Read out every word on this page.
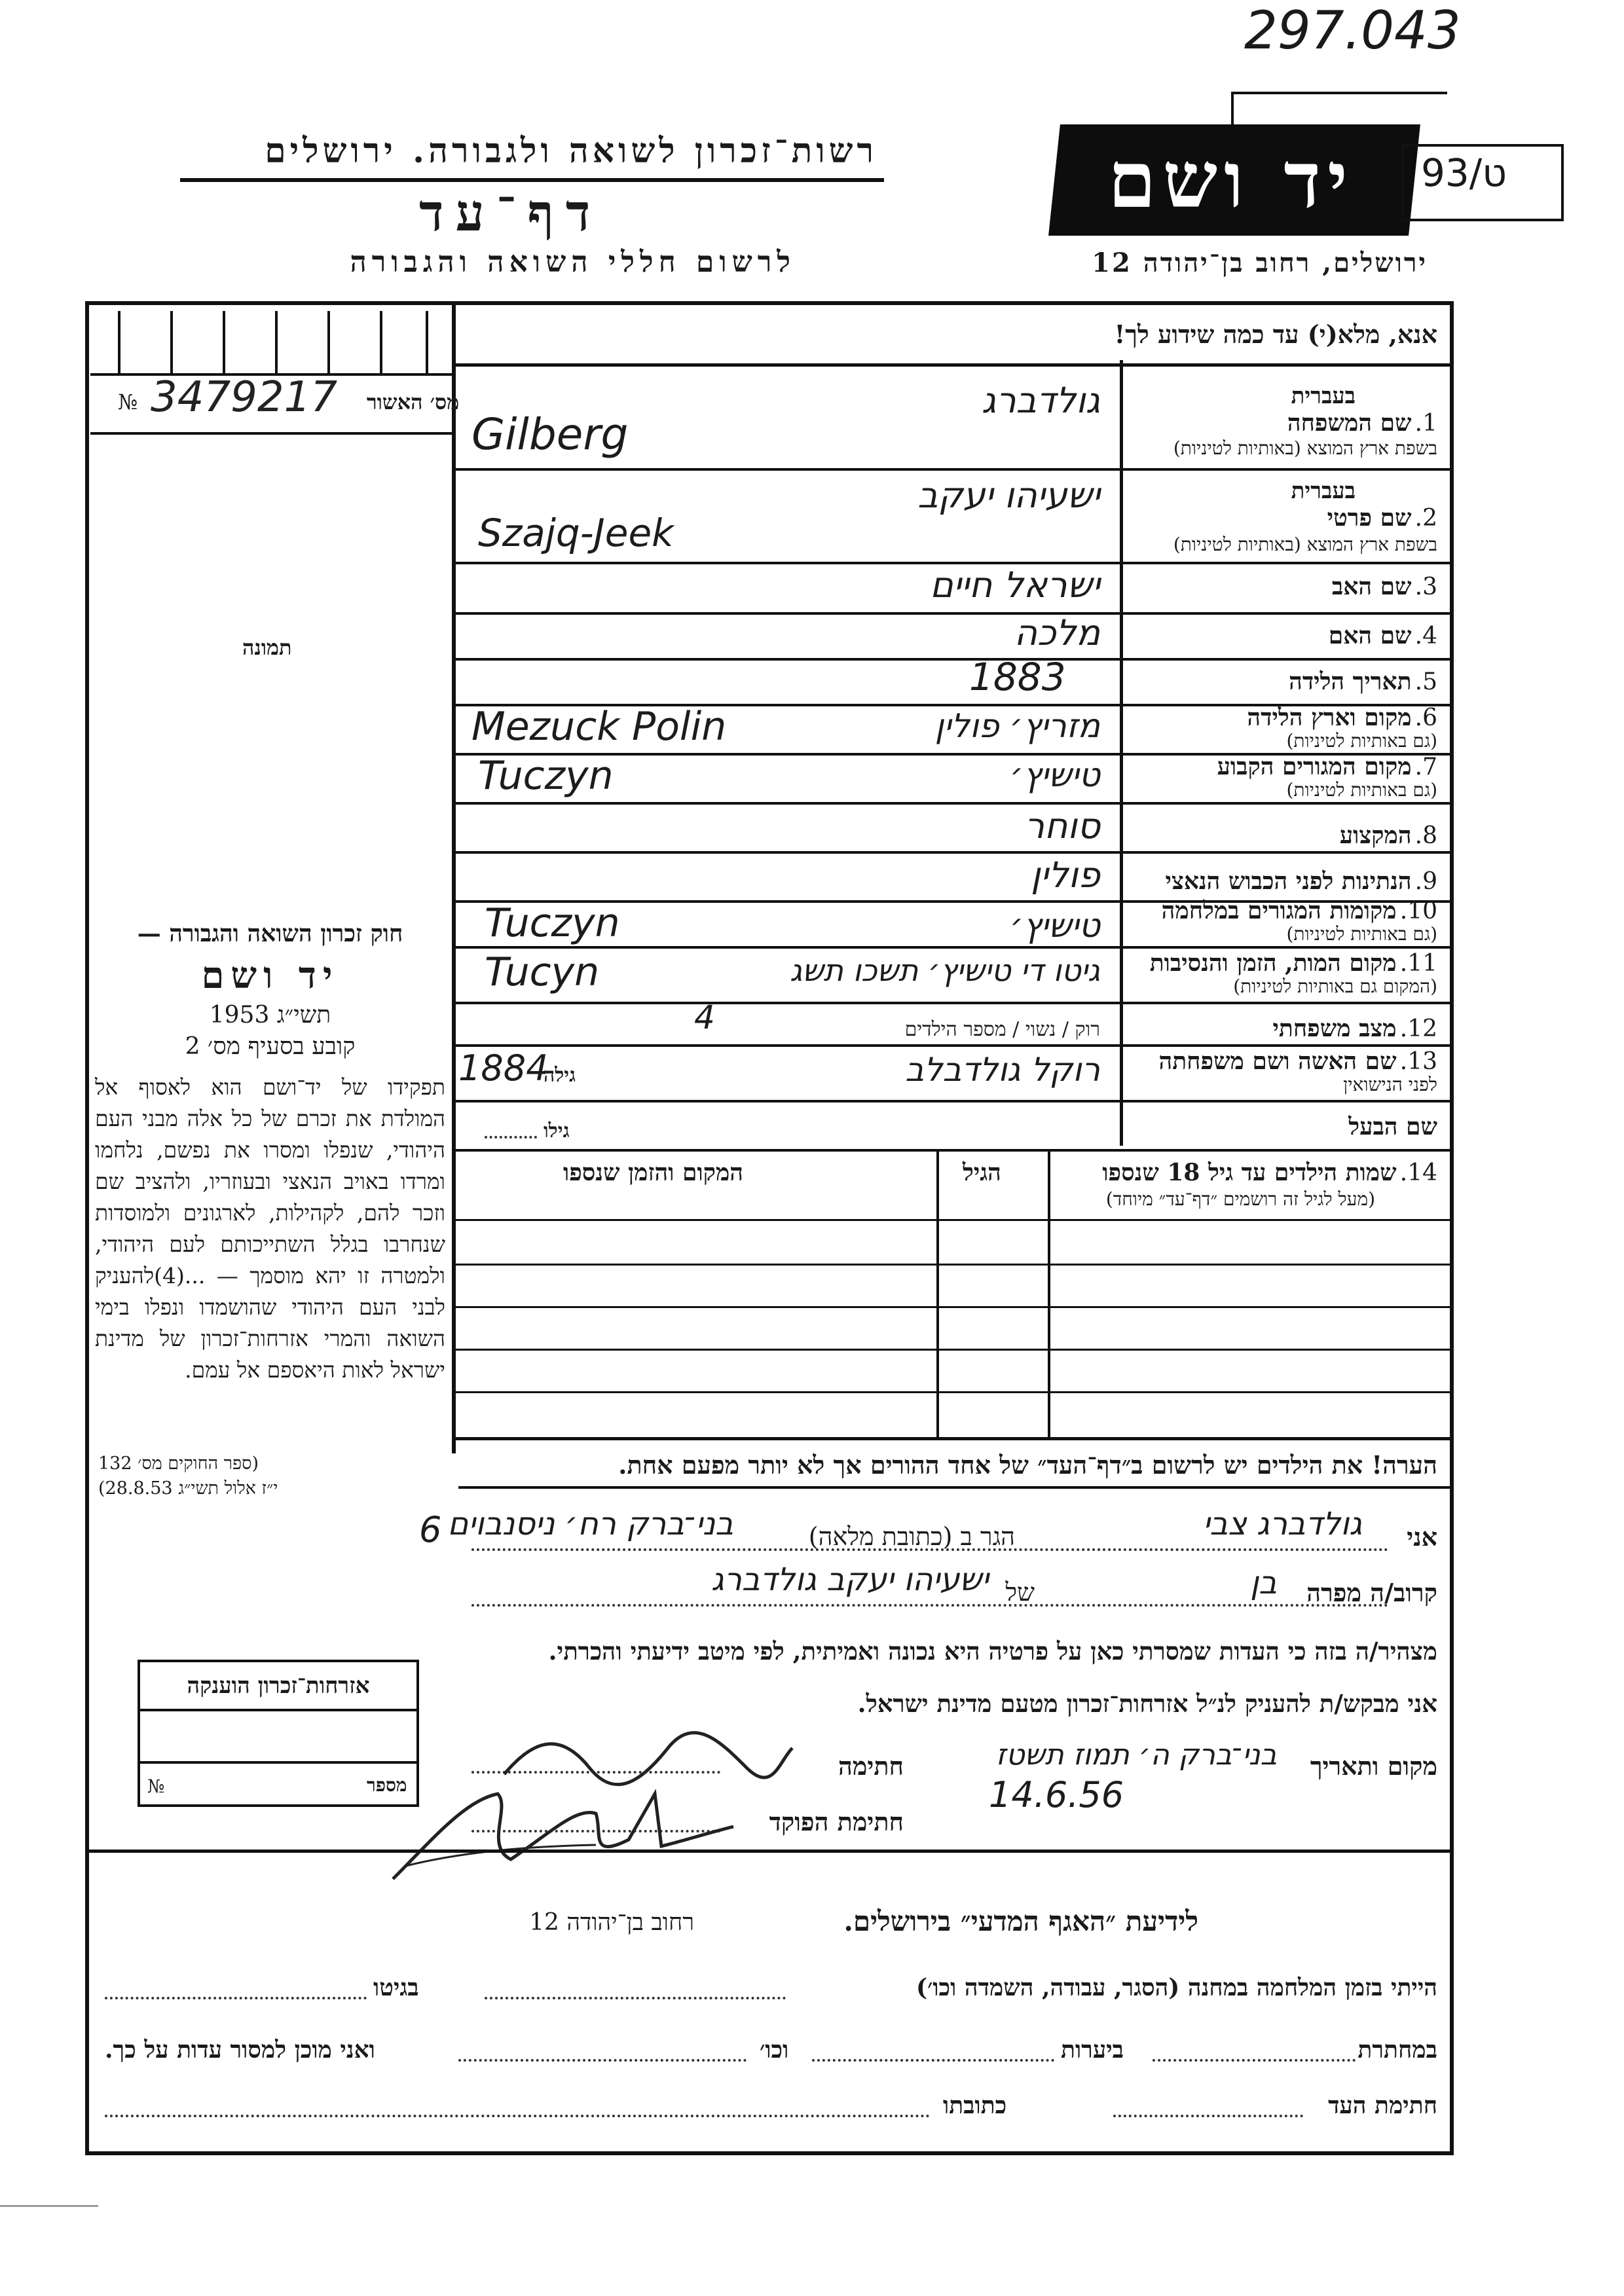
297.043
רשות־זכרון לשואה ולגבורה. ירושלים
דף־עד
לרשום חללי השואה והגבורה
יד ושם	93/ט
ירושלים, רחוב בן־יהודה 12
אנא, מלא(י) עד כמה שידוע לך!
מס׳ האשור
№ 3479217
תמונה
חוק זכרון השואה והגבורה —
יד ושם
תשי״ג 1953
קובע בסעיף מס׳ 2
תפקידו של יד־ושם הוא לאסוף אל המולדת את זכרם של כל אלה מבני העם היהודי, שנפלו ומסרו את נפשם, נלחמו ומרדו באויב הנאצי ובעוזריו, ולהציב שם וזכר להם, לקהילות, לארגונים ולמוסדות שנחרבו בגלל השתייכותם לעם היהודי, ולמטרה זו יהא מוסמך — ...(4)להעניק לבני העם היהודי שהושמדו ונפלו בימי השואה והמרי אזרחות־זכרון של מדינת ישראל לאות היאספם אל עמם.
(ספר החוקים מס׳ 132
י״ז אלול תשי״ג 28.8.53)
בעברית
1. שם המשפחה
בשפת ארץ המוצא (באותיות לטיניות)
גולדברג
Gilberg
בעברית
2. שם פרטי
בשפת ארץ המוצא (באותיות לטיניות)
ישעיהו יעקב
Szajq-Jeek
3. שם האב
ישראל חיים
4. שם האם
מלכה
5. תאריך הלידה
1883
6. מקום וארץ הלידה
(גם באותיות לטיניות)
מזריץ׳ פולין
Mezuck Polin
7. מקום המגורים הקבוע
(גם באותיות לטיניות)
טישיץ׳
Tuczyn
8. המקצוע
סוחר
9. הנתינות לפני הכבוש הנאצי
פולין
10. מקומות המגורים במלחמה
(גם באותיות לטיניות)
טישיץ׳
Tuczyn
11. מקום המות, הזמן והנסיבות
(המקום גם באותיות לטיניות)
גיטו די טישיץ׳ תשכו תשג
Tucyn
12. מצב משפחתי
רוק / נשוי / מספר הילדים
4
13. שם האשה ושם משפחתה
לפני הנישואין
רוקל גולדבלב
גילה
1884
שם הבעל
גילו
14. שמות הילדים עד גיל 18 שנספו
(מעל לגיל זה רושמים ״דף־עד״ מיוחד)
הגיל
המקום והזמן שנספו
הערה! את הילדים יש לרשום ב״דף־העד״ של אחד ההורים אך לא יותר מפעם אחת.
אני
גולדברג צבי
הגר ב (כתובת מלאה)
בני־ברק רח׳ ניסנבוים
6
קרוב/ה מפרה
בן
של
ישעיהו יעקב גולדברג
מצהיר/ה בזה כי העדות שמסרתי כאן על פרטיה היא נכונה ואמיתית, לפי מיטב ידיעתי והכרתי.
אני מבקש/ת להעניק לנ״ל אזרחות־זכרון מטעם מדינת ישראל.
מקום ותאריך
בני־ברק ה׳ תמוז תשטז
14.6.56
חתימה
חתימת הפוקד
אזרחות־זכרון הוענקה
מספר
№
לידיעת ״האגף המדעי״ בירושלים.
רחוב בן־יהודה 12
הייתי בזמן המלחמה במחנה (הסגר, עבודה, השמדה וכו׳)
בגיטו
במחתרת
ביערות
וכו׳
ואני מוכן למסור עדות על כך.
חתימת העד
כתובתו
